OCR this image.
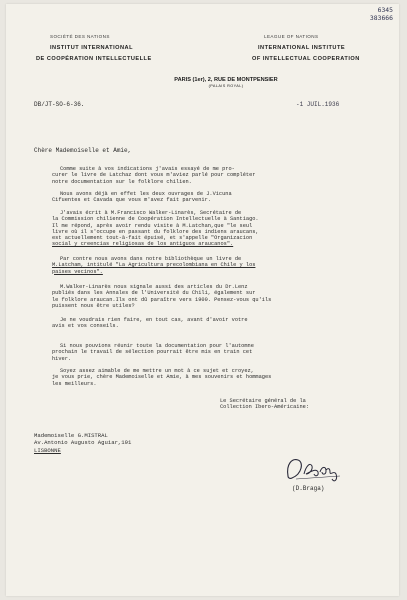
6345
383666
SOCIÉTÉ DES NATIONS
INSTITUT INTERNATIONAL
DE COOPÉRATION INTELLECTUELLE
LEAGUE OF NATIONS
INTERNATIONAL INSTITUTE
OF INTELLECTUAL COOPERATION
PARIS (1er), 2, RUE DE MONTPENSIER
(PALAIS ROYAL)
DB/JT-SO-6-36.	-1 JUIL.1936
Chère Mademoiselle et Amie,
Comme suite à vos indications j'avais essayé de me pro-
curer le livre de Latchaz dont vous m'aviez parlé pour compléter
notre documentation sur le folklore chilien.
Nous avons déjà en effet les deux ouvrages de J.Vicuna
Cifuentes et Cavada que vous m'avez fait parvenir.
J'avais écrit à M.Francisco Walker-Linarès, Secrétaire de
la Commission chilienne de Coopération Intellectuelle à Santiago.
Il me répond, après avoir rendu visite à M.Latchan,que "le seul
livre où il s'occupe en passant du folklore des indiens araucans,
est actuellement tout-à-fait épuisé, et s'appelle "Organizacion
social y creencias religiosas de los antiguos araucanos".
Par contre nous avons dans notre bibliothèque un livre de
M.Latcham, intitulé "La Agricultura precolombiana en Chile y los
paises vecinos".
M.Walker-Linarès nous signale aussi des articles du Dr.Lenz
publiés dans les Annales de l'Université du Chili, également sur
le folklore araucan.Ils ont dû paraître vers 1900. Pensez-vous qu'ils
puissent nous être utiles?
Je ne voudrais rien faire, en tout cas, avant d'avoir votre
avis et vos conseils.
Si nous pouvions réunir toute la documentation pour l'automne
prochain le travail de sélection pourrait être mis en train cet
hiver.
Soyez assez aimable de me mettre un mot à ce sujet et croyez,
je vous prie, chère Mademoiselle et Amie, à mes souvenirs et hommages
les meilleurs.
Le Secrétaire général de la
Collection Ibero-Américaine:
Mademoiselle G.MISTRAL
Av.Antonio Augusto Aguiar,191
LISBONNE
(D.Braga)
